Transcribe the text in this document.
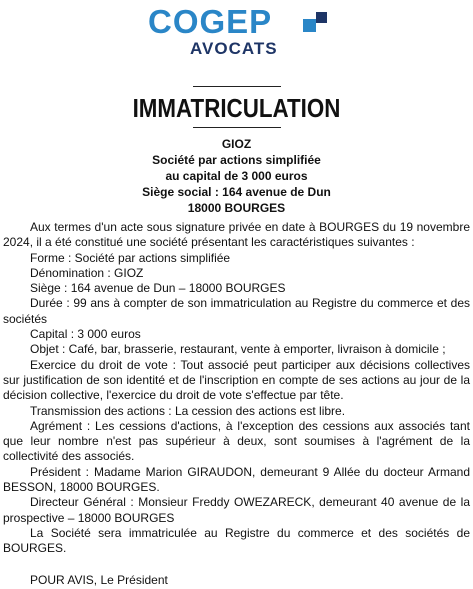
COGEP
AVOCATS
IMMATRICULATION
GIOZ
Société par actions simplifiée
au capital de 3 000 euros
Siège social : 164 avenue de Dun
18000 BOURGES

Aux termes d'un acte sous signature privée en date à BOURGES du 19 novembre 2024, il a été constitué une société présentant les caractéristiques suivantes :

Forme : Société par actions simplifiée

Dénomination : GIOZ

Siège : 164 avenue de Dun – 18000 BOURGES

Durée : 99 ans à compter de son immatriculation au Registre du commerce et des sociétés

Capital : 3 000 euros

Objet : Café, bar, brasserie, restaurant, vente à emporter, livraison à domicile ;

Exercice du droit de vote : Tout associé peut participer aux décisions collectives sur justification de son identité et de l'inscription en compte de ses actions au jour de la décision collective, l'exercice du droit de vote s'effectue par tête.

Transmission des actions : La cession des actions est libre.

Agrément : Les cessions d'actions, à l'exception des cessions aux associés tant que leur nombre n'est pas supérieur à deux, sont soumises à l'agrément de la collectivité des associés.

Président : Madame Marion GIRAUDON, demeurant 9 Allée du docteur Armand BESSON, 18000 BOURGES.

Directeur Général : Monsieur Freddy OWEZARECK, demeurant 40 avenue de la prospective – 18000 BOURGES

La Société sera immatriculée au Registre du commerce et des sociétés de BOURGES.

POUR AVIS, Le Président
